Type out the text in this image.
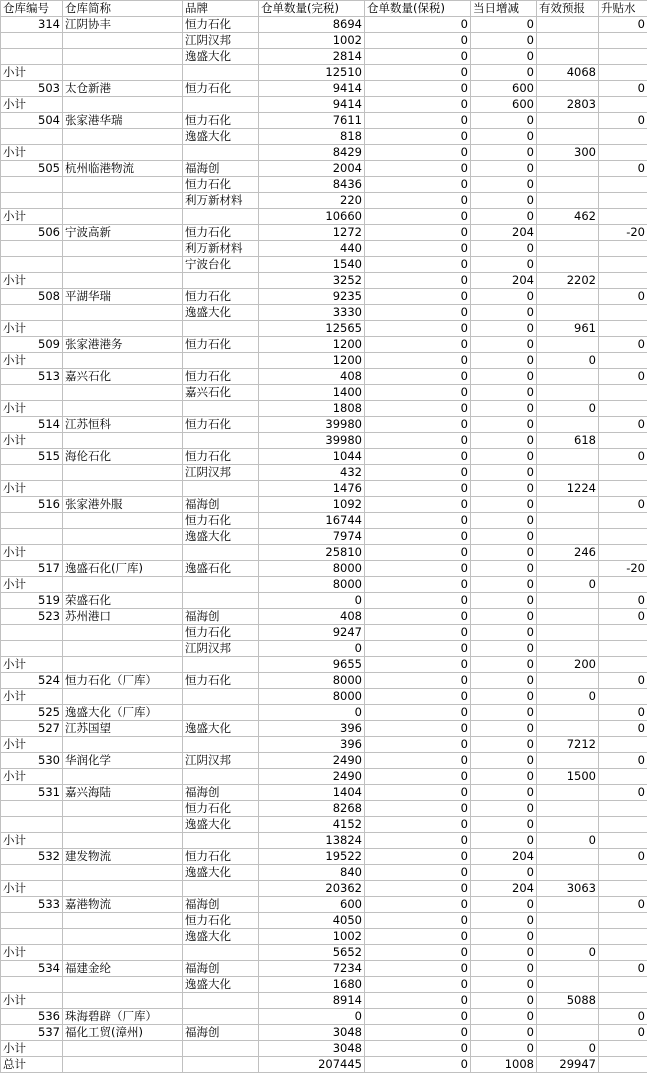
仓库编号	仓库简称	品牌	仓单数量(完税)	仓单数量(保税)	当日增减	有效预报	升贴水
314	江阴协丰	恒力石化	8694	0	0		0
		江阴汉邦	1002	0	0		
		逸盛大化	2814	0	0		
小计			12510	0	0	4068	
503	太仓新港	恒力石化	9414	0	600		0
小计			9414	0	600	2803	
504	张家港华瑞	恒力石化	7611	0	0		0
		逸盛大化	818	0	0		
小计			8429	0	0	300	
505	杭州临港物流	福海创	2004	0	0		0
		恒力石化	8436	0	0		
		利万新材料	220	0	0		
小计			10660	0	0	462	
506	宁波高新	恒力石化	1272	0	204		-20
		利万新材料	440	0	0		
		宁波台化	1540	0	0		
小计			3252	0	204	2202	
508	平湖华瑞	恒力石化	9235	0	0		0
		逸盛大化	3330	0	0		
小计			12565	0	0	961	
509	张家港港务	恒力石化	1200	0	0		0
小计			1200	0	0	0	
513	嘉兴石化	恒力石化	408	0	0		0
		嘉兴石化	1400	0	0		
小计			1808	0	0	0	
514	江苏恒科	恒力石化	39980	0	0		0
小计			39980	0	0	618	
515	海伦石化	恒力石化	1044	0	0		0
		江阴汉邦	432	0	0		
小计			1476	0	0	1224	
516	张家港外服	福海创	1092	0	0		0
		恒力石化	16744	0	0		
		逸盛大化	7974	0	0		
小计			25810	0	0	246	
517	逸盛石化(厂库)	逸盛石化	8000	0	0		-20
小计			8000	0	0	0	
519	荣盛石化		0	0	0		0
523	苏州港口	福海创	408	0	0		0
		恒力石化	9247	0	0		
		江阴汉邦	0	0	0		
小计			9655	0	0	200	
524	恒力石化（厂库）	恒力石化	8000	0	0		0
小计			8000	0	0	0	
525	逸盛大化（厂库）		0	0	0		0
527	江苏国望	逸盛大化	396	0	0		0
小计			396	0	0	7212	
530	华润化学	江阴汉邦	2490	0	0		0
小计			2490	0	0	1500	
531	嘉兴海陆	福海创	1404	0	0		0
		恒力石化	8268	0	0		
		逸盛大化	4152	0	0		
小计			13824	0	0	0	
532	建发物流	恒力石化	19522	0	204		0
		逸盛大化	840	0	0		
小计			20362	0	204	3063	
533	嘉港物流	福海创	600	0	0		0
		恒力石化	4050	0	0		
		逸盛大化	1002	0	0		
小计			5652	0	0	0	
534	福建金纶	福海创	7234	0	0		0
		逸盛大化	1680	0	0		
小计			8914	0	0	5088	
536	珠海碧辟（厂库）		0	0	0		0
537	福化工贸(漳州)	福海创	3048	0	0		0
小计			3048	0	0	0	
总计			207445	0	1008	29947	
